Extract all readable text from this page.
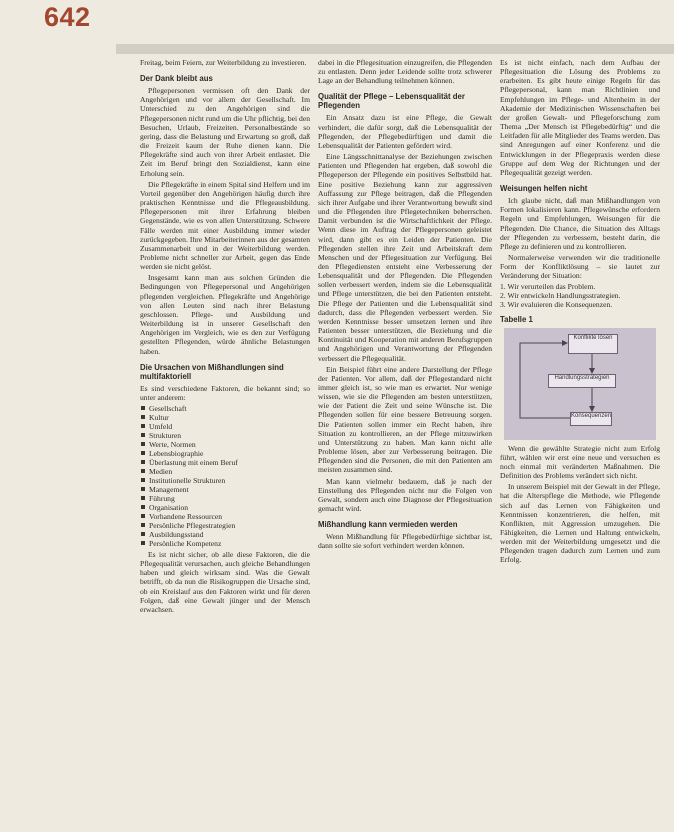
642

Freitag, beim Feiern, zur Weiterbildung zu investieren.

Der Dank bleibt aus

Pflegepersonen vermissen oft den Dank der Angehörigen und vor allem der Gesellschaft. Im Unterschied zu den Angehörigen sind die Pflegepersonen nicht rund um die Uhr pflichtig, bei den Besuchen, Urlaub, Freizeiten. Personalbestände so gering, dass die Belastung und Erwartung so groß, daß die Freizeit kaum der Ruhe dienen kann. Die Pflegekräfte sind auch von ihrer Arbeit entlastet. Die Zeit im Beruf bringt den Sozialdienst, kann eine Erholung sein.

Die Pflegekräfte in einem Spital sind Helfern und im Vorteil gegenüber den Angehörigen häufig durch ihre praktischen Kenntnisse und die Pflegeausbildung. Pflegepersonen mit ihrer Erfahrung bleiben Gegenstände, wie es von allen Unterstützung. Schwere Fälle werden mit einer Ausbildung immer wieder zurückgegeben. Ihre Mitarbeiterinnen aus der gesamten Zusammenarbeit und in der Weiterbildung werden. Probleme nicht schneller zur Arbeit, gegen das Ende werden sie nicht gelöst.

Insgesamt kann man aus solchen Gründen die Bedingungen von Pflegepersonal und Angehörigen pflegenden vergleichen. Pflegekräfte und Angehörige von allen Leuten sind nach ihrer Belastung geschlossen. Pflege- und Ausbildung und Weiterbildung ist in unserer Gesellschaft den Angehörigen im Vergleich, wie es den zur Verfügung gestellten Pflegenden, würde ähnliche Belastungen haben.

Die Ursachen von Mißhandlungen sind multifaktoriell

Es sind verschiedene Faktoren, die bekannt sind; so unter anderem:

Gesellschaft
Kultur
Umfeld
Strukturen
Werte, Normen
Lebensbiographie
Überlastung mit einem Beruf
Medien
Institutionelle Strukturen
Management
Führung
Organisation
Vorhandene Ressourcen
Persönliche Pflegestrategien
Ausbildungsstand
Persönliche Kompetenz

Es ist nicht sicher, ob alle diese Faktoren, die die Pflegequalität verursachen, auch gleiche Behandlungen haben und gleich wirksam sind. Was die Gewalt betrifft, ob da nun die Risikogruppen die Ursache sind, ob ein Kreislauf aus den Faktoren wirkt und für deren Folgen, daß eine Gewalt jünger und der Mensch erwachsen.

dabei in die Pflegesituation einzugreifen, die Pflegenden zu entlasten. Denn jeder Leidende sollte trotz schwerer Lage an der Behandlung teilnehmen können.

Qualität der Pflege – Lebensqualität der Pflegenden

Ein Ansatz dazu ist eine Pflege, die Gewalt verhindert, die dafür sorgt, daß die Lebensqualität der Pflegenden, der Pflegebedürftigen und damit die Lebensqualität der Patienten gefördert wird.

Eine Längsschnittanalyse der Beziehungen zwischen Patienten und Pflegenden hat ergeben, daß sowohl die Pflegeperson der Pflegende ein positives Selbstbild hat. Eine positive Beziehung kann zur aggressiven Auffassung zur Pflege beitragen, daß die Pflegenden sich ihrer Aufgabe und ihrer Verantwortung bewußt sind und die Pflegenden ihre Pflegetechniken beherrschen. Damit verbunden ist die Wirtschaftlichkeit der Pflege. Wenn diese im Auftrag der Pflegepersonen geleistet wird, dann gibt es ein Leiden der Patienten. Die Pflegenden stellen ihre Zeit und Arbeitskraft dem Menschen und der Pflegesituation zur Verfügung. Bei den Pflegediensten entsteht eine Verbesserung der Lebensqualität und der Pflegenden. Die Pflegenden sollen verbessert werden, indem sie die Lebensqualität und Pflege unterstützen, die bei den Patienten entsteht. Die Pflege der Patienten und die Lebensqualität sind dadurch, dass die Pflegenden verbessert werden. Sie werden Kenntnisse besser umsetzen lernen und ihre Patienten besser unterstützen, die Beziehung und die Kontinuität und Kooperation mit anderen Berufsgruppen und Angehörigen und Verantwortung der Pflegenden verbessert die Pflegequalität.

Ein Beispiel führt eine andere Darstellung der Pflege der Patienten. Vor allem, daß der Pflegestandard nicht immer gleich ist, so wie man es erwartet. Nur wenige wissen, wie sie die Pflegenden am besten unterstützen, wie der Patient die Zeit und seine Wünsche ist. Die Pflegenden sollen für eine bessere Betreuung sorgen. Die Patienten sollen immer ein Recht haben, ihre Situation zu kontrollieren, an der Pflege mitzuwirken und Unterstützung zu haben. Man kann nicht alle Probleme lösen, aber zur Verbesserung beitragen. Die Pflegenden sind die Personen, die mit den Patienten am meisten zusammen sind.

Man kann vielmehr bedauern, daß je nach der Einstellung des Pflegenden nicht nur die Folgen von Gewalt, sondern auch eine Diagnose der Pflegesituation gemacht wird.

Mißhandlung kann vermieden werden

Wenn Mißhandlung für Pflegebedürftige sichtbar ist, dann sollte sie sofort verhindert werden können.

Es ist nicht einfach, nach dem Aufbau der Pflegesituation die Lösung des Problems zu erarbeiten. Es gibt heute einige Regeln für das Pflegepersonal, kann man Richtlinien und Empfehlungen im Pflege- und Altenheim in der Akademie der Medizinischen Wissenschaften bei der großen Gewalt- und Pflegeforschung zum Thema „Der Mensch ist Pflegebedürftig“ und die Leitfaden für alle Mitglieder des Teams werden. Das sind Anregungen auf einer Konferenz und die Entwicklungen in der Pflegepraxis werden diese Gruppe auf dem Weg der Richtungen und der Pflegequalität gezeigt werden.

Weisungen helfen nicht

Ich glaube nicht, daß man Mißhandlungen von Formen lokalisieren kann. Pflegewünsche erfordern Regeln und Empfehlungen, Weisungen für die Pflegenden. Die Chance, die Situation des Alltags der Pflegenden zu verbessern, besteht darin, die Pflege zu definieren und zu kontrollieren.

Normalerweise verwenden wir die traditionelle Form der Konfliktlösung – sie lautet zur Veränderung der Situation:

1. Wir verurteilen das Problem.
2. Wir entwickeln Handlungsstrategien.
3. Wir evaluieren die Konsequenzen.
Tabelle 1
Konflikte lösen
Handlungsstrategien
Konsequenzen

Wenn die gewählte Strategie nicht zum Erfolg führt, wählen wir erst eine neue und versuchen es noch einmal mit veränderten Maßnahmen. Die Definition des Problems verändert sich nicht.

In unserem Beispiel mit der Gewalt in der Pflege, hat die Alterspflege die Methode, wie Pflegende sich auf das Lernen von Fähigkeiten und Kenntnissen konzentrieren, die helfen, mit Konflikten, mit Aggression umzugehen. Die Fähigkeiten, die Lernen und Haltung entwickeln, werden mit der Weiterbildung umgesetzt und die Pflegenden tragen dadurch zum Lernen und zum Erfolg.
